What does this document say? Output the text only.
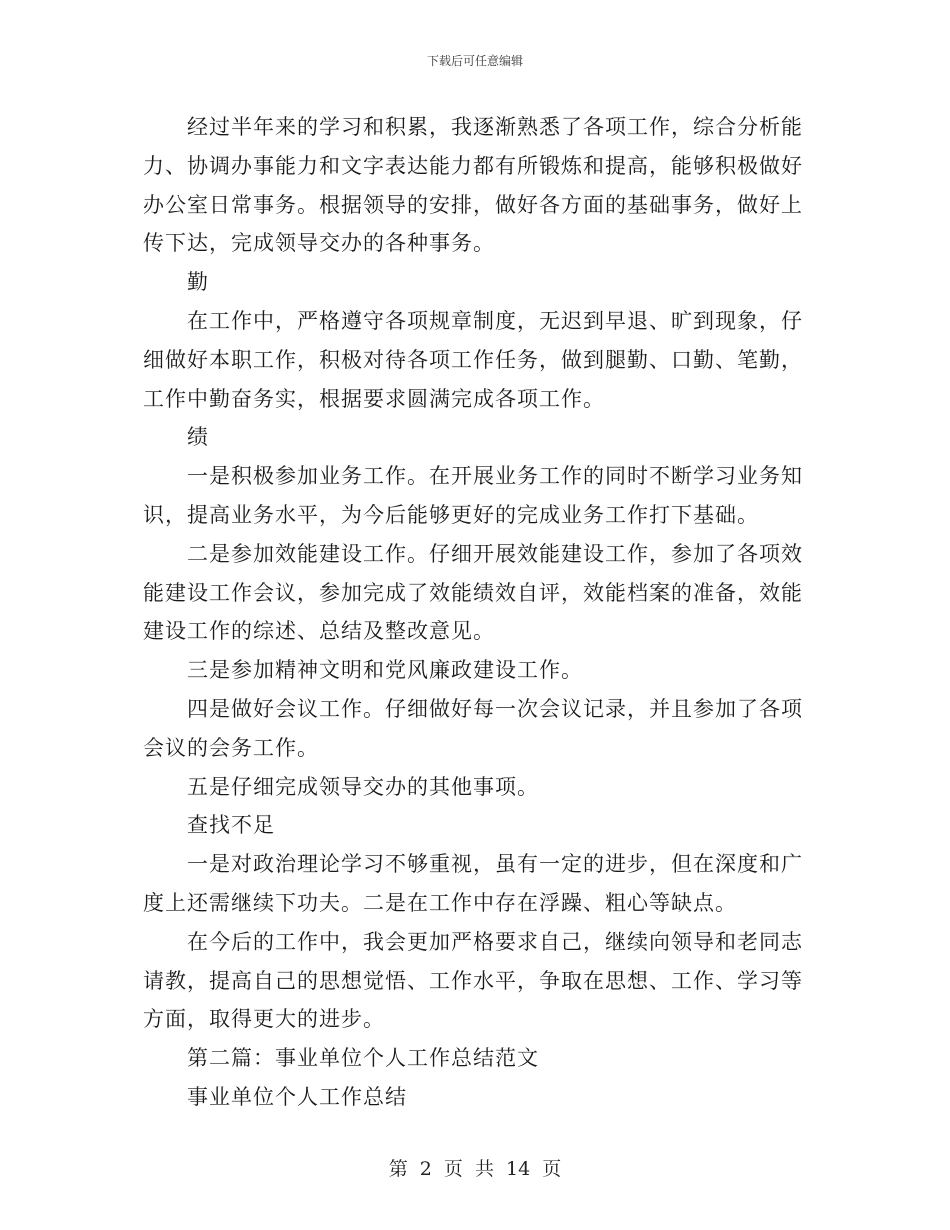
下载后可任意编辑

经过半年来的学习和积累，我逐渐熟悉了各项工作，综合分析能力、协调办事能力和文字表达能力都有所锻炼和提高，能够积极做好办公室日常事务。根据领导的安排，做好各方面的基础事务，做好上传下达，完成领导交办的各种事务。

勤

在工作中，严格遵守各项规章制度，无迟到早退、旷到现象，仔细做好本职工作，积极对待各项工作任务，做到腿勤、口勤、笔勤，工作中勤奋务实，根据要求圆满完成各项工作。

绩

一是积极参加业务工作。在开展业务工作的同时不断学习业务知识，提高业务水平，为今后能够更好的完成业务工作打下基础。

二是参加效能建设工作。仔细开展效能建设工作，参加了各项效能建设工作会议，参加完成了效能绩效自评，效能档案的准备，效能建设工作的综述、总结及整改意见。

三是参加精神文明和党风廉政建设工作。

四是做好会议工作。仔细做好每一次会议记录，并且参加了各项会议的会务工作。

五是仔细完成领导交办的其他事项。

查找不足

一是对政治理论学习不够重视，虽有一定的进步，但在深度和广度上还需继续下功夫。二是在工作中存在浮躁、粗心等缺点。

在今后的工作中，我会更加严格要求自己，继续向领导和老同志请教，提高自己的思想觉悟、工作水平，争取在思想、工作、学习等方面，取得更大的进步。

第二篇：事业单位个人工作总结范文

事业单位个人工作总结

第 2 页 共 14 页
